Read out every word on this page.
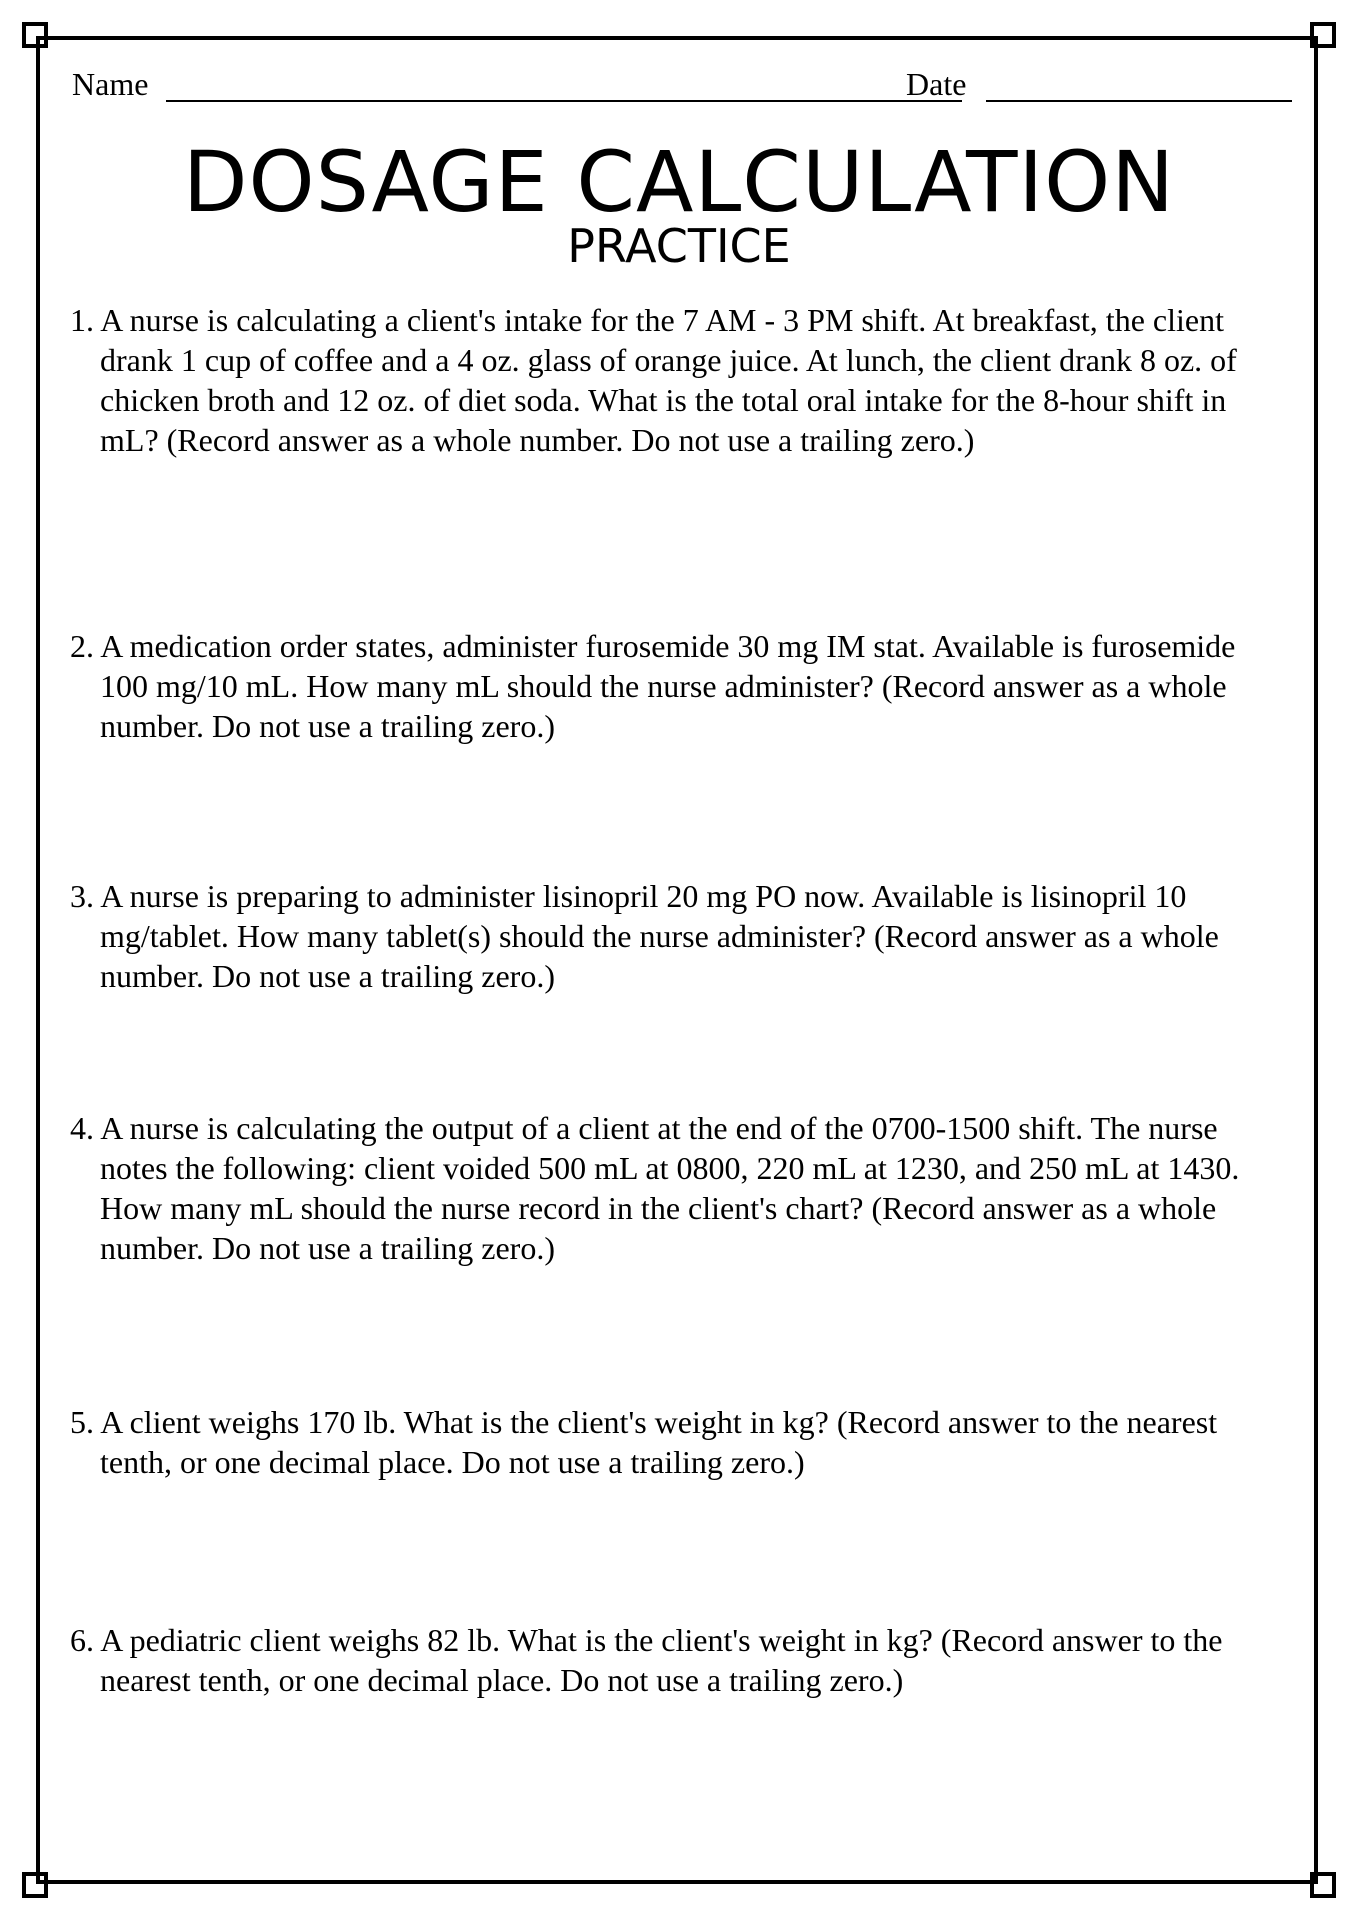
Name	Date
DOSAGE CALCULATION
PRACTICE
1. A nurse is calculating a client's intake for the 7 AM - 3 PM shift. At breakfast, the client drank 1 cup of coffee and a 4 oz. glass of orange juice. At lunch, the client drank 8 oz. of chicken broth and 12 oz. of diet soda. What is the total oral intake for the 8-hour shift in mL? (Record answer as a whole number. Do not use a trailing zero.)
2. A medication order states, administer furosemide 30 mg IM stat. Available is furosemide 100 mg/10 mL. How many mL should the nurse administer? (Record answer as a whole number. Do not use a trailing zero.)
3. A nurse is preparing to administer lisinopril 20 mg PO now. Available is lisinopril 10 mg/tablet. How many tablet(s) should the nurse administer? (Record answer as a whole number. Do not use a trailing zero.)
4. A nurse is calculating the output of a client at the end of the 0700-1500 shift. The nurse notes the following: client voided 500 mL at 0800, 220 mL at 1230, and 250 mL at 1430. How many mL should the nurse record in the client's chart? (Record answer as a whole number. Do not use a trailing zero.)
5. A client weighs 170 lb. What is the client's weight in kg? (Record answer to the nearest tenth, or one decimal place. Do not use a trailing zero.)
6. A pediatric client weighs 82 lb. What is the client's weight in kg? (Record answer to the nearest tenth, or one decimal place. Do not use a trailing zero.)
